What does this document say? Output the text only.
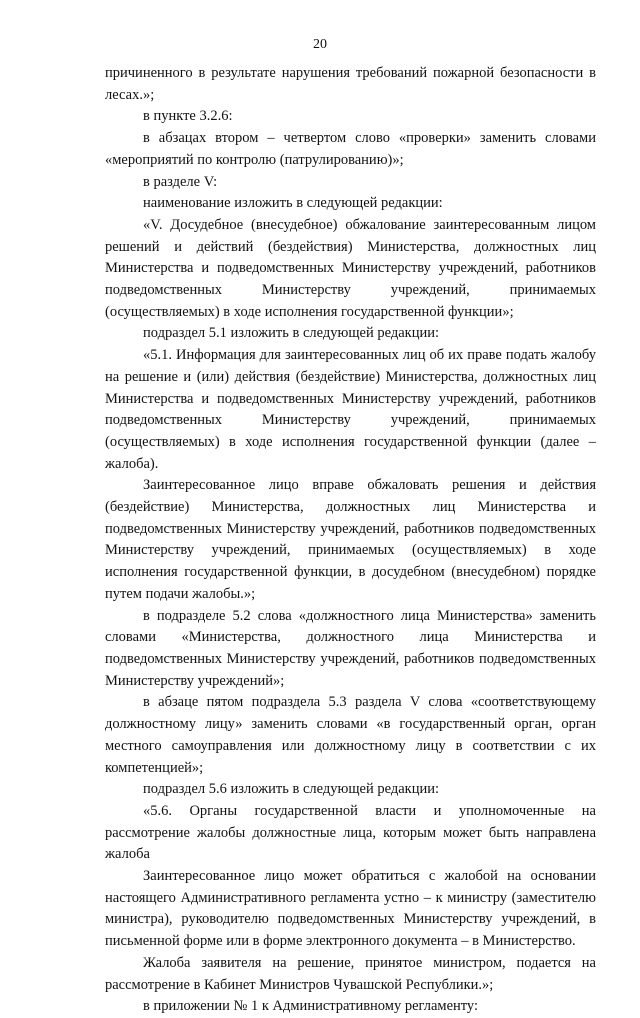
20

причиненного в результате нарушения требований пожарной безопасности в лесах.»;

в пункте 3.2.6:

в абзацах втором – четвертом слово «проверки» заменить словами «мероприятий по контролю (патрулированию)»;

в разделе V:

наименование изложить в следующей редакции:

«V. Досудебное (внесудебное) обжалование заинтересованным лицом решений и действий (бездействия) Министерства, должностных лиц Министерства и подведомственных Министерству учреждений, работников подведомственных Министерству учреждений, принимаемых (осуществляемых) в ходе исполнения государственной функции»;

подраздел 5.1 изложить в следующей редакции:

«5.1. Информация для заинтересованных лиц об их праве подать жалобу на решение и (или) действия (бездействие) Министерства, должностных лиц Министерства и подведомственных Министерству учреждений, работников подведомственных Министерству учреждений, принимаемых (осуществляемых) в ходе исполнения государственной функции (далее – жалоба).

Заинтересованное лицо вправе обжаловать решения и действия (бездействие) Министерства, должностных лиц Министерства и подведомственных Министерству учреждений, работников подведомственных Министерству учреждений, принимаемых (осуществляемых) в ходе исполнения государственной функции, в досудебном (внесудебном) порядке путем подачи жалобы.»;

в подразделе 5.2 слова «должностного лица Министерства» заменить словами «Министерства, должностного лица Министерства и подведомственных Министерству учреждений, работников подведомственных Министерству учреждений»;

в абзаце пятом подраздела 5.3 раздела V слова «соответствующему должностному лицу» заменить словами «в государственный орган, орган местного самоуправления или должностному лицу в соответствии с их компетенцией»;

подраздел 5.6 изложить в следующей редакции:

«5.6. Органы государственной власти и уполномоченные на рассмотрение жалобы должностные лица, которым может быть направлена жалоба

Заинтересованное лицо может обратиться с жалобой на основании настоящего Административного регламента устно – к министру (заместителю министра), руководителю подведомственных Министерству учреждений, в письменной форме или в форме электронного документа – в Министерство.

Жалоба заявителя на решение, принятое министром, подается на рассмотрение в Кабинет Министров Чувашской Республики.»;

в приложении № 1 к Административному регламенту:
